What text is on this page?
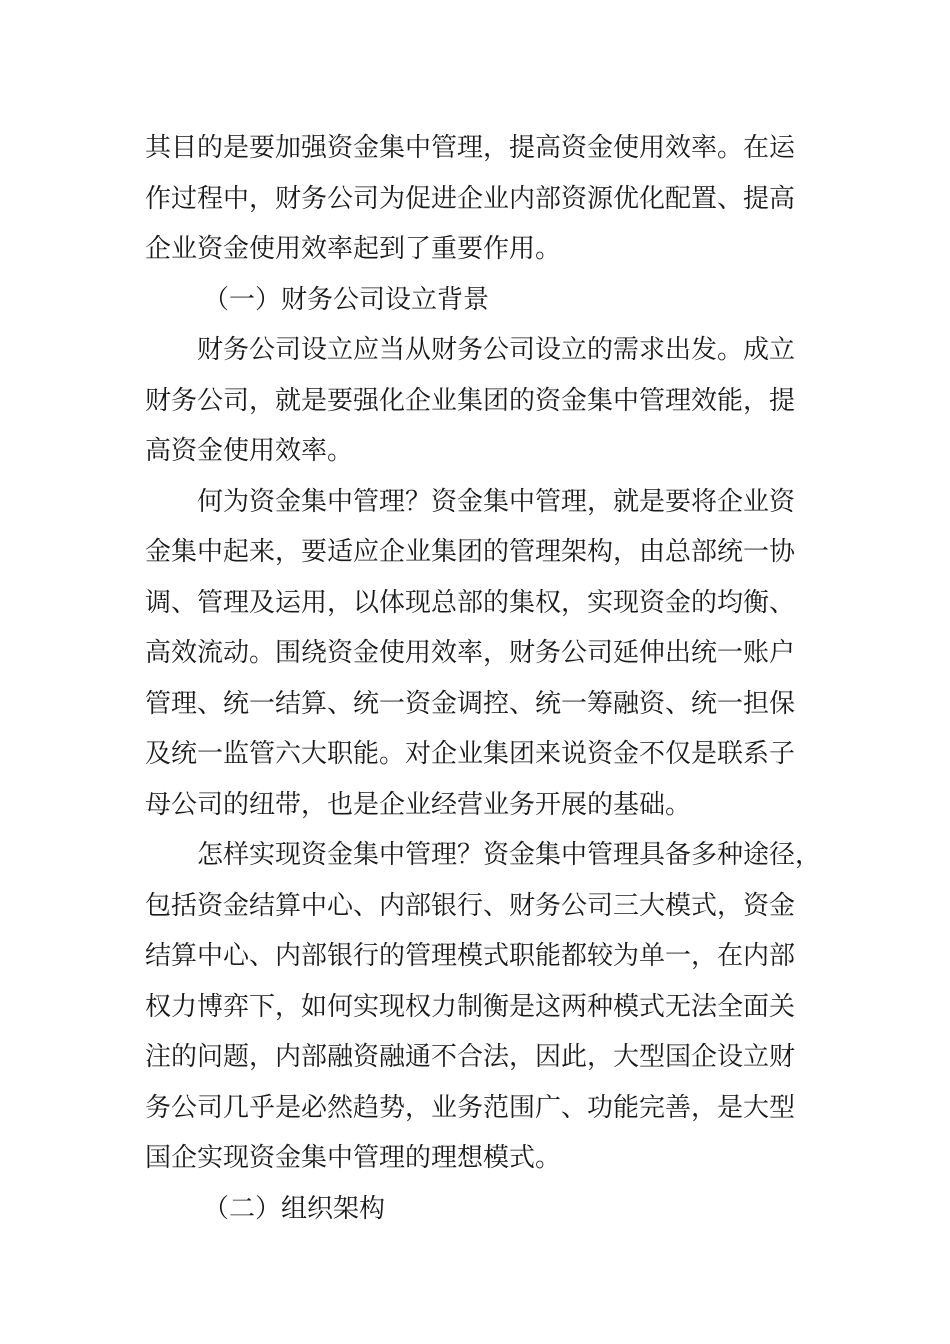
其目的是要加强资金集中管理，提高资金使用效率。在运
作过程中，财务公司为促进企业内部资源优化配置、提高
企业资金使用效率起到了重要作用。
（一）财务公司设立背景
财务公司设立应当从财务公司设立的需求出发。成立
财务公司，就是要强化企业集团的资金集中管理效能，提
高资金使用效率。
何为资金集中管理？资金集中管理，就是要将企业资
金集中起来，要适应企业集团的管理架构，由总部统一协
调、管理及运用，以体现总部的集权，实现资金的均衡、
高效流动。围绕资金使用效率，财务公司延伸出统一账户
管理、统一结算、统一资金调控、统一筹融资、统一担保
及统一监管六大职能。对企业集团来说资金不仅是联系子
母公司的纽带，也是企业经营业务开展的基础。
怎样实现资金集中管理？资金集中管理具备多种途径，
包括资金结算中心、内部银行、财务公司三大模式，资金
结算中心、内部银行的管理模式职能都较为单一，在内部
权力博弈下，如何实现权力制衡是这两种模式无法全面关
注的问题，内部融资融通不合法，因此，大型国企设立财
务公司几乎是必然趋势，业务范围广、功能完善，是大型
国企实现资金集中管理的理想模式。
（二）组织架构
